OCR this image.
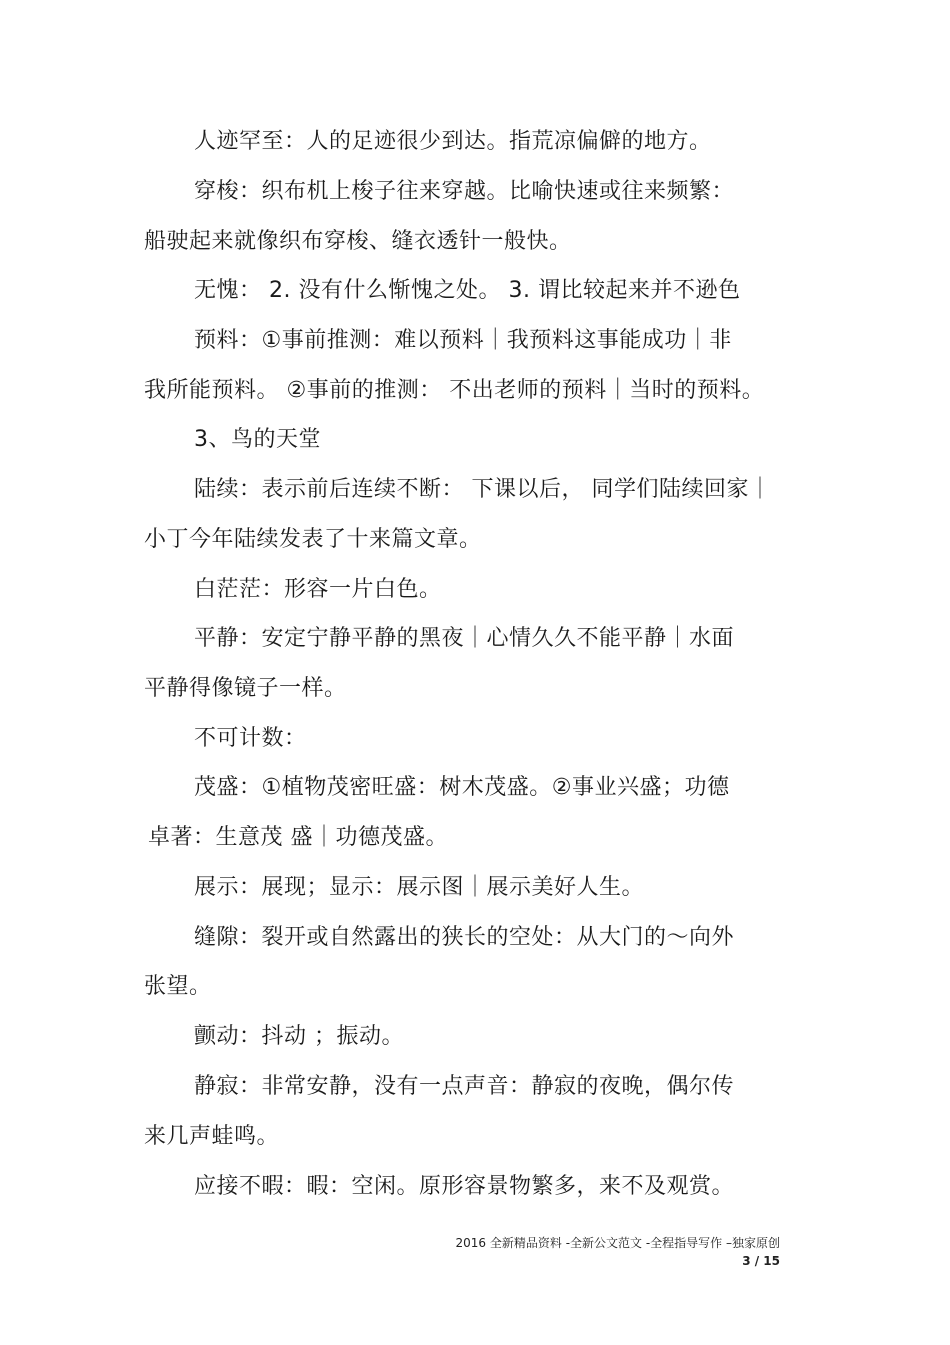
人迹罕至：人的足迹很少到达。指荒凉偏僻的地方。
穿梭：织布机上梭子往来穿越。比喻快速或往来频繁：
船驶起来就像织布穿梭、缝衣透针一般快。
无愧： 2. 没有什么惭愧之处。 3. 谓比较起来并不逊色
预料：①事前推测：难以预料｜我预料这事能成功｜非
我所能预料。 ②事前的推测： 不出老师的预料｜当时的预料。
3、鸟的天堂
陆续：表示前后连续不断： 下课以后， 同学们陆续回家｜
小丁今年陆续发表了十来篇文章。
白茫茫：形容一片白色。
平静：安定宁静平静的黑夜｜心情久久不能平静｜水面
平静得像镜子一样。
不可计数：
茂盛：①植物茂密旺盛：树木茂盛。②事业兴盛；功德
卓著：生意茂 盛｜功德茂盛。
展示：展现；显示：展示图｜展示美好人生。
缝隙：裂开或自然露出的狭长的空处：从大门的～向外
张望。
颤动：抖动 ；振动。
静寂：非常安静，没有一点声音：静寂的夜晚，偶尔传
来几声蛙鸣。
应接不暇：暇：空闲。原形容景物繁多，来不及观赏。
2016 全新精品资料 -全新公文范文 -全程指导写作 –独家原创
3 / 15
